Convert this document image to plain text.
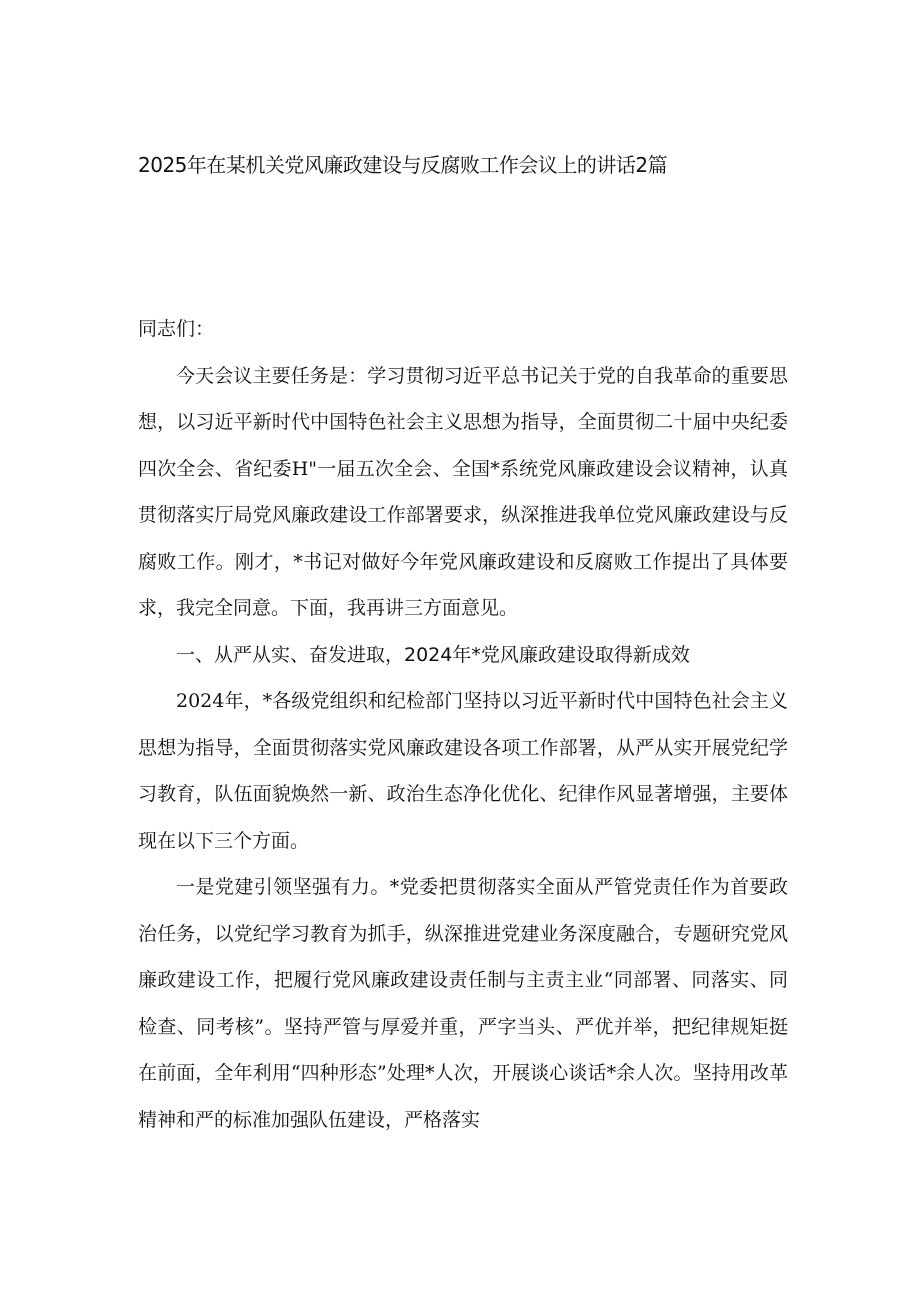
2025年在某机关党风廉政建设与反腐败工作会议上的讲话2篇

同志们：

今天会议主要任务是：学习贯彻习近平总书记关于党的自我革命的重要思想，以习近平新时代中国特色社会主义思想为指导，全面贯彻二十届中央纪委四次全会、省纪委H"一届五次全会、全国*系统党风廉政建设会议精神，认真贯彻落实厅局党风廉政建设工作部署要求，纵深推进我单位党风廉政建设与反腐败工作。刚才，*书记对做好今年党风廉政建设和反腐败工作提出了具体要求，我完全同意。下面，我再讲三方面意见。

一、从严从实、奋发进取，2024年*党风廉政建设取得新成效

2024年，*各级党组织和纪检部门坚持以习近平新时代中国特色社会主义思想为指导，全面贯彻落实党风廉政建设各项工作部署，从严从实开展党纪学习教育，队伍面貌焕然一新、政治生态净化优化、纪律作风显著增强，主要体现在以下三个方面。

一是党建引领坚强有力。*党委把贯彻落实全面从严管党责任作为首要政治任务，以党纪学习教育为抓手，纵深推进党建业务深度融合，专题研究党风廉政建设工作，把履行党风廉政建设责任制与主责主业“同部署、同落实、同检查、同考核”。坚持严管与厚爱并重，严字当头、严优并举，把纪律规矩挺在前面，全年利用“四种形态”处理*人次，开展谈心谈话*余人次。坚持用改革精神和严的标准加强队伍建设，严格落实
